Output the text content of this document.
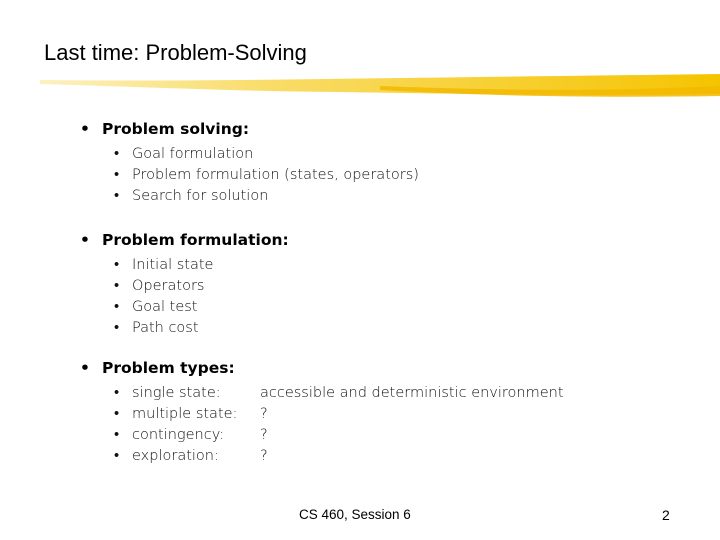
Last time: Problem-Solving
• Problem solving:
• Goal formulation
• Problem formulation (states, operators)
• Search for solution
• Problem formulation:
• Initial state
• Operators
• Goal test
• Path cost
• Problem types:
• single state:	accessible and deterministic environment
• multiple state: ?
• contingency: ?
• exploration:	?
CS 460, Session 6	2
